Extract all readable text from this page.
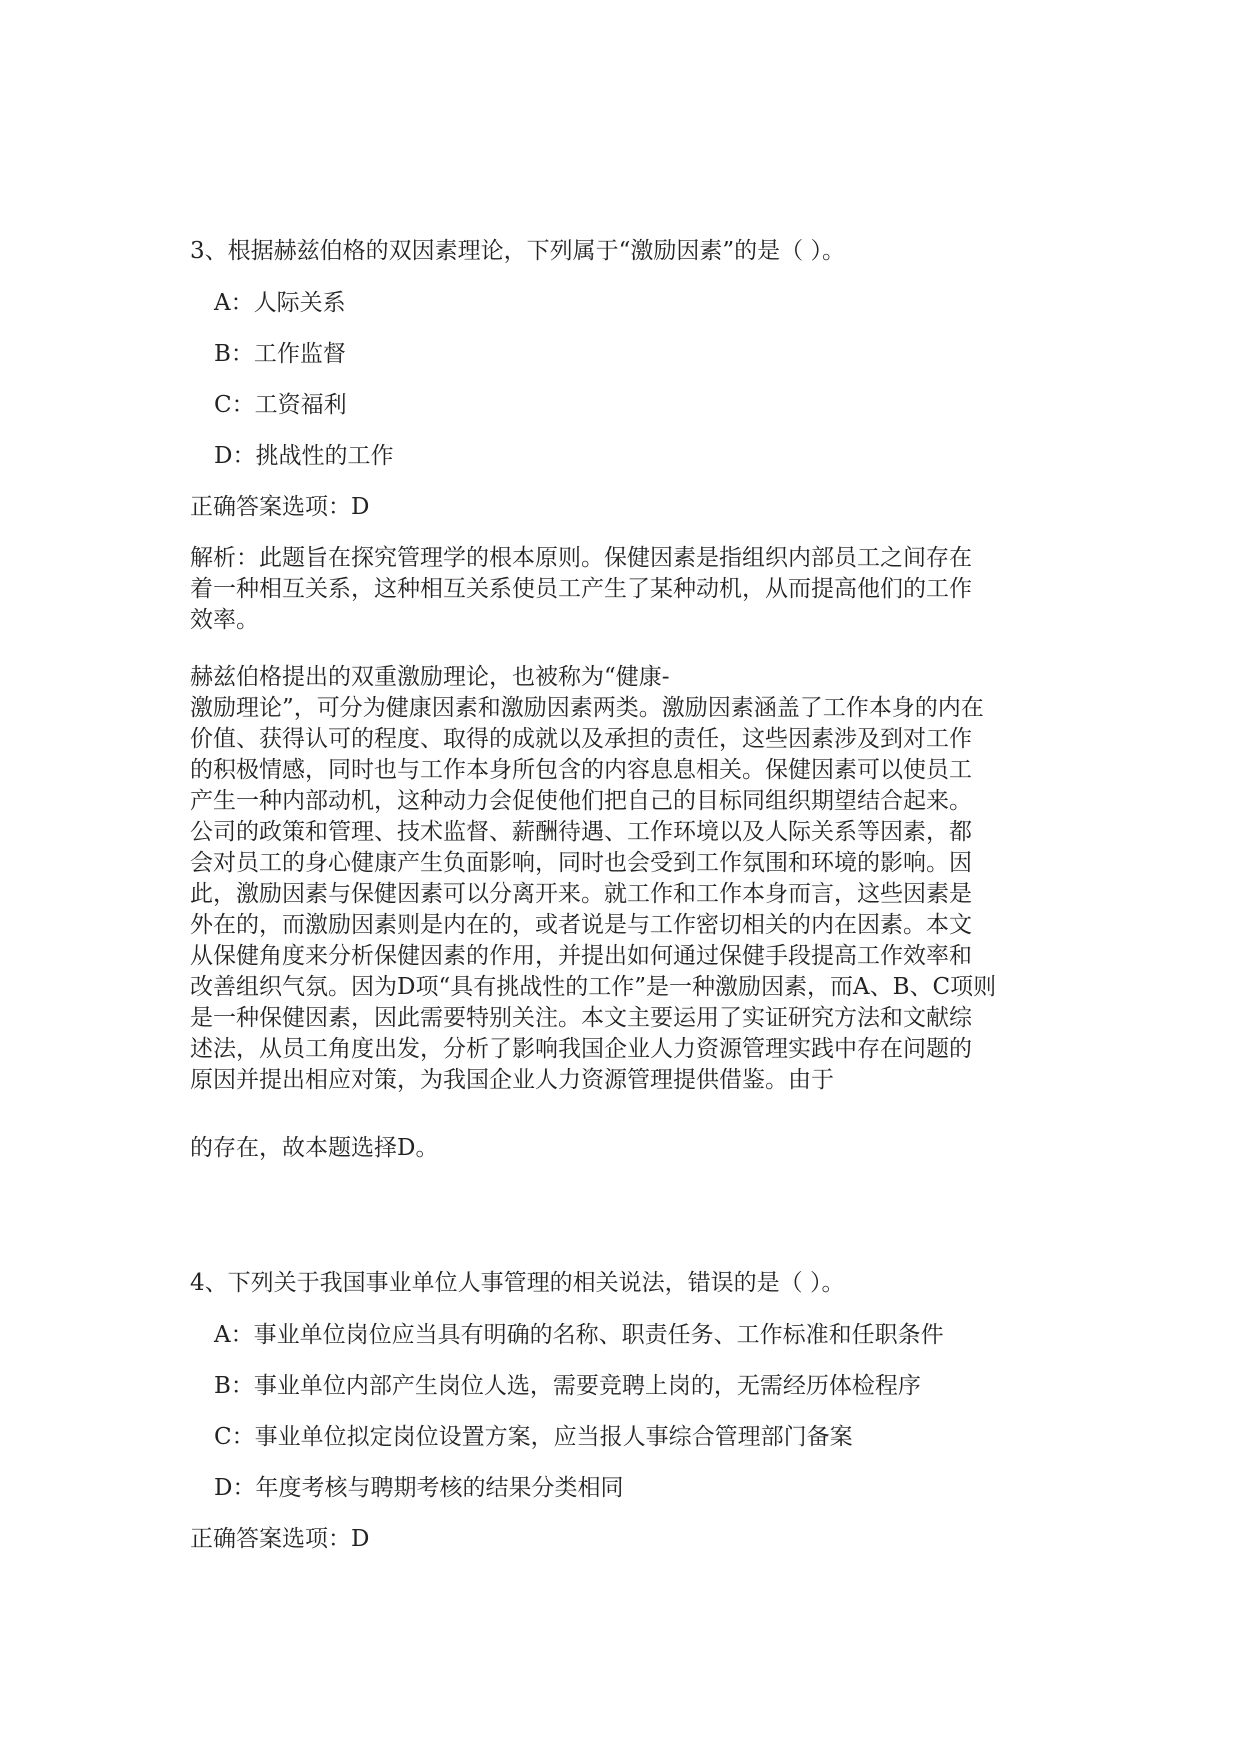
3、根据赫兹伯格的双因素理论，下列属于“激励因素”的是（ ）。
A：人际关系
B：工作监督
C：工资福利
D：挑战性的工作
正确答案选项：D
解析：此题旨在探究管理学的根本原则。保健因素是指组织内部员工之间存在
着一种相互关系，这种相互关系使员工产生了某种动机，从而提高他们的工作
效率。
赫兹伯格提出的双重激励理论，也被称为“健康-
激励理论”，可分为健康因素和激励因素两类。激励因素涵盖了工作本身的内在
价值、获得认可的程度、取得的成就以及承担的责任，这些因素涉及到对工作
的积极情感，同时也与工作本身所包含的内容息息相关。保健因素可以使员工
产生一种内部动机，这种动力会促使他们把自己的目标同组织期望结合起来。
公司的政策和管理、技术监督、薪酬待遇、工作环境以及人际关系等因素，都
会对员工的身心健康产生负面影响，同时也会受到工作氛围和环境的影响。因
此，激励因素与保健因素可以分离开来。就工作和工作本身而言，这些因素是
外在的，而激励因素则是内在的，或者说是与工作密切相关的内在因素。本文
从保健角度来分析保健因素的作用，并提出如何通过保健手段提高工作效率和
改善组织气氛。因为D项“具有挑战性的工作”是一种激励因素，而A、B、C项则
是一种保健因素，因此需要特别关注。本文主要运用了实证研究方法和文献综
述法，从员工角度出发，分析了影响我国企业人力资源管理实践中存在问题的
原因并提出相应对策，为我国企业人力资源管理提供借鉴。由于
的存在，故本题选择D。
4、下列关于我国事业单位人事管理的相关说法，错误的是（ ）。
A：事业单位岗位应当具有明确的名称、职责任务、工作标准和任职条件
B：事业单位内部产生岗位人选，需要竞聘上岗的，无需经历体检程序
C：事业单位拟定岗位设置方案，应当报人事综合管理部门备案
D：年度考核与聘期考核的结果分类相同
正确答案选项：D
